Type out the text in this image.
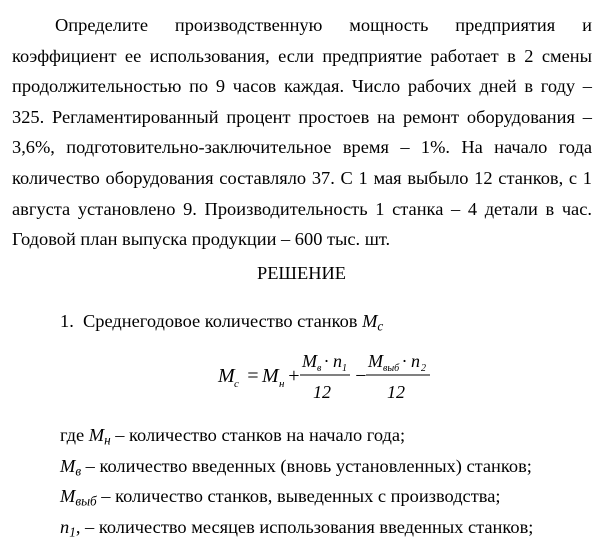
Определите производственную мощность предприятия и коэффициент ее использования, если предприятие работает в 2 смены продолжительностью по 9 часов каждая. Число рабочих дней в году – 325. Регламентированный процент простоев на ремонт оборудования – 3,6%, подготовительно-заключительное время – 1%. На начало года количество оборудования составляло 37. С 1 мая выбыло 12 станков, с 1 августа установлено 9. Производительность 1 станка – 4 детали в час. Годовой план выпуска продукции – 600 тыс. шт.

РЕШЕНИЕ

1. Среднегодовое количество станков $M_c$

M c = M н +
M в · n 1
12
−
M выб · n 2
12
где $M_н$ – количество станков на начало года;
$M_в$ – количество введенных (вновь установленных) станков;
$M_{выб}$ – количество станков, выведенных с производства;
$n_1$, – количество месяцев использования введенных станков;
